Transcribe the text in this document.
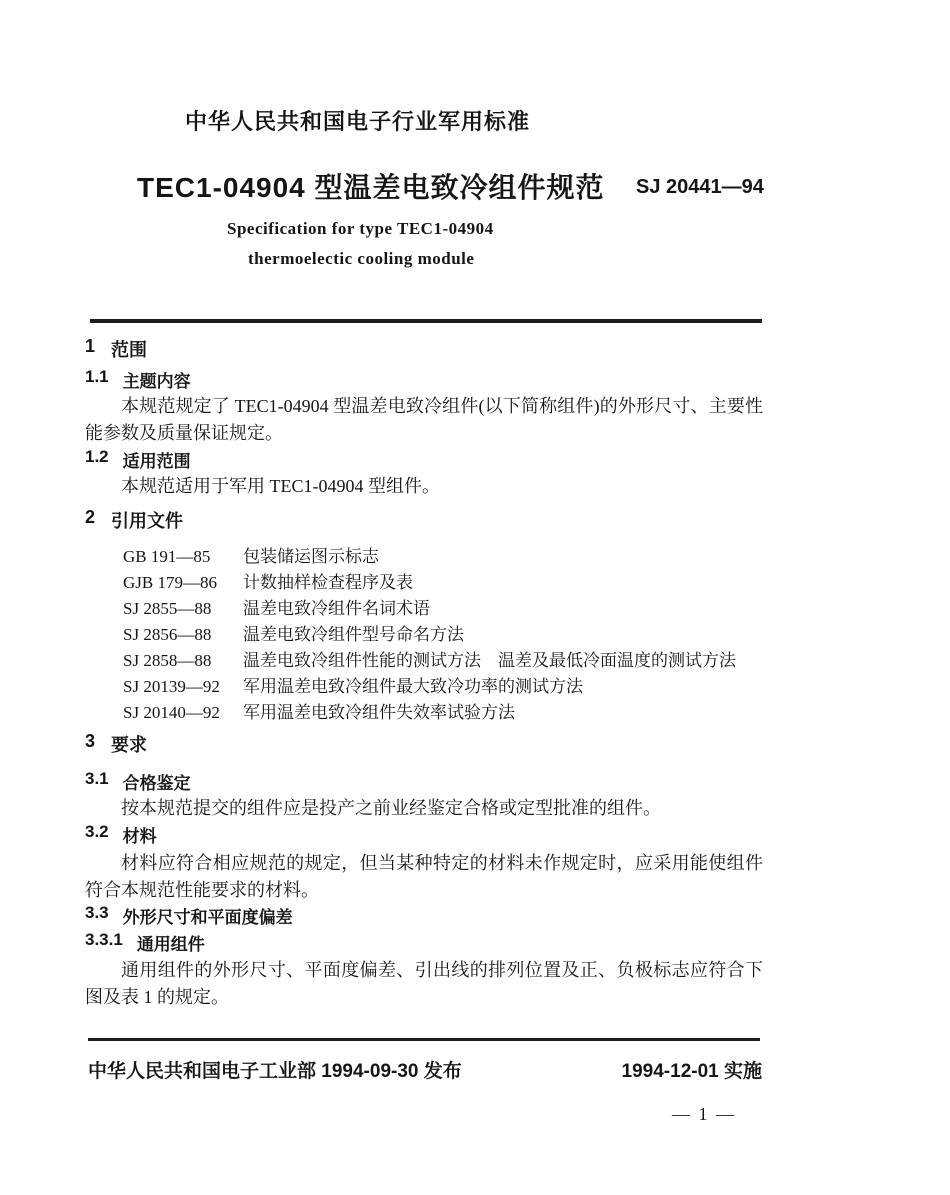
中华人民共和国电子行业军用标准
TEC1-04904 型温差电致冷组件规范 SJ 20441—94
Specification for type TEC1-04904
thermoelectic cooling module
1 范围
1.1 主题内容
本规范规定了 TEC1-04904 型温差电致冷组件(以下简称组件)的外形尺寸、主要性能参数及质量保证规定。
1.2 适用范围
本规范适用于军用 TEC1-04904 型组件。
2 引用文件
GB 191—85	包装储运图示标志
GJB 179—86	计数抽样检查程序及表
SJ 2855—88	温差电致冷组件名词术语
SJ 2856—88	温差电致冷组件型号命名方法
SJ 2858—88	温差电致冷组件性能的测试方法　温差及最低冷面温度的测试方法
SJ 20139—92	军用温差电致冷组件最大致冷功率的测试方法
SJ 20140—92	军用温差电致冷组件失效率试验方法
3 要求
3.1 合格鉴定
按本规范提交的组件应是投产之前业经鉴定合格或定型批准的组件。
3.2 材料
材料应符合相应规范的规定，但当某种特定的材料未作规定时，应采用能使组件符合本规范性能要求的材料。
3.3 外形尺寸和平面度偏差
3.3.1 通用组件
通用组件的外形尺寸、平面度偏差、引出线的排列位置及正、负极标志应符合下图及表 1 的规定。
中华人民共和国电子工业部 1994-09-30 发布	1994-12-01 实施
— 1 —
